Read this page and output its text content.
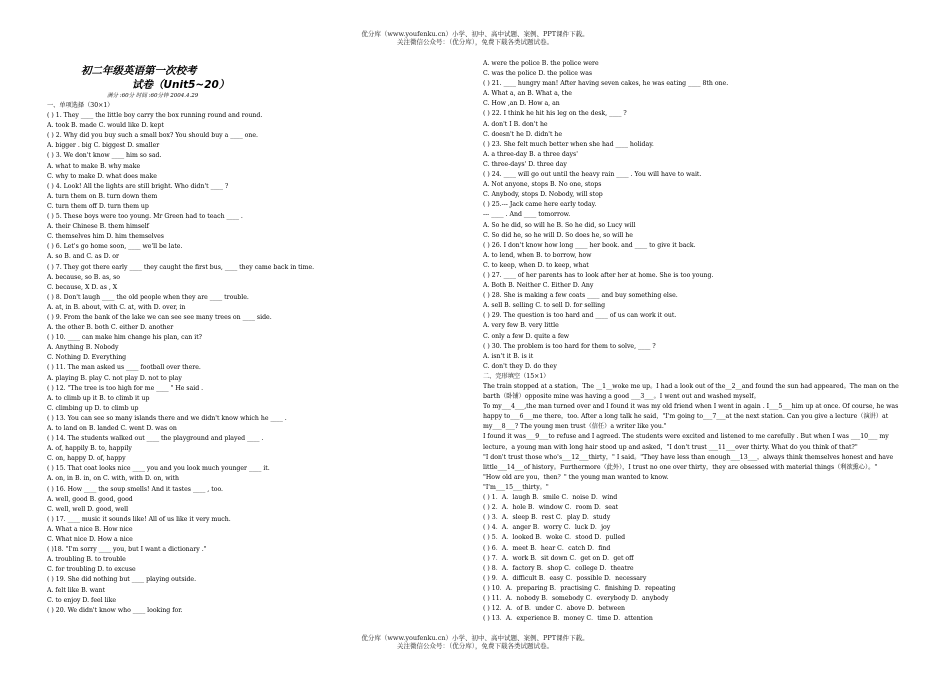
优分库（www.youfenku.cn）小学、初中、高中试题、案例、PPT课件下载。
关注微信公众号：（优分库），免费下载各类试题试卷。
初二年级英语第一次校考
试卷（Unit5~20）
满分 :60分 时间 :60分钟 2004.4.29
一、单项选择（30×1）
( ) 1. They ____ the little boy carry the box running round and round.
A. took B. made C. would like D. kept
( ) 2. Why did you buy such a small box? You should buy a ____ one.
A. bigger . big C. biggest D. smaller
( ) 3. We don't know ____ him so sad.
A. what to make B. why make
C. why to make D. what does make
( ) 4. Look! All the lights are still bright. Who didn't ____ ?
A. turn them on B. turn down them
C. turn them off D. turn them up
( ) 5. These boys were too young. Mr Green had to teach ____ .
A. their Chinese B. them himself
C. themselves him D. him themselves
( ) 6. Let's go home soon, ____ we'll be late.
A. so B. and C. as D. or
( ) 7. They got there early ____ they caught the first bus, ____ they came back in time.
A. because, so B. as, so
C. because, X D. as , X
( ) 8. Don't laugh ____ the old people when they are ____ trouble.
A. at, in B. about, with C. at, with D. over, in
( ) 9. From the bank of the lake we can see see many trees on ____ side.
A. the other B. both C. either D. another
( ) 10. ____ can make him change his plan, can it?
A. Anything B. Nobody
C. Nothing D. Everything
( ) 11. The man asked us ____ football over there.
A. playing B. play C. not play D. not to play
( ) 12. "The tree is too high for me ____ " He said .
A. to climb up it B. to climb it up
C. climbing up D. to climb up
( ) 13. You can see so many islands there and we didn't know which he ____ .
A. to land on B. landed C. went D. was on
( ) 14. The students walked out ____ the playground and played ____ .
A. of, happily B. to, happily
C. on, happy D. of, happy
( ) 15. That coat looks nice ____ you and you look much younger ____ it.
A. on, in B. in, on C. with, with D. on, with
( ) 16. How ____ the soup smells! And it tastes ____ , too.
A. well, good B. good, good
C. well, well D. good, well
( ) 17. ____ music it sounds like! All of us like it very much.
A. What a nice B. How nice
C. What nice D. How a nice
( )18. "I'm sorry ____ you, but I want a dictionary ."
A. troubling B. to trouble
C. for troubling D. to excuse
( ) 19. She did nothing but ____ playing outside.
A. felt like B. want
C. to enjoy D. feel like
( ) 20. We didn't know who ____ looking for.
A. were the police B. the police were
C. was the police D. the police was
( ) 21. ____ hungry man! After having seven cakes, he was eating ____ 8th one.
A. What a, an B. What a, the
C. How ,an D. How a, an
( ) 22. I think he hit his leg on the desk, ____ ?
A. don't I B. don't he
C. doesn't he D. didn't he
( ) 23. She felt much better when she had ____ holiday.
A. a three-day B. a three days'
C. three-days' D. three day
( ) 24. ____ will go out until the heavy rain ____ . You will have to wait.
A. Not anyone, stops B. No one, stops
C. Anybody, stops D. Nobody, will stop
( ) 25.--- Jack came here early today.
--- ____ . And ____ tomorrow.
A. So he did, so will he B. So he did, so Lucy will
C. So did he, so he will D. So does he, so will he
( ) 26. I don't know how long ____ her book. and ____ to give it back.
A. to lend, when B. to borrow, how
C. to keep, when D. to keep, what
( ) 27. ____ of her parents has to look after her at home. She is too young.
A. Both B. Neither C. Either D. Any
( ) 28. She is making a few coats ____ and buy something else.
A. sell B. selling C. to sell D. for selling
( ) 29. The question is too hard and ____ of us can work it out.
A. very few B. very little
C. only a few D. quite a few
( ) 30. The problem is too hard for them to solve, ____ ?
A. isn't it B. is it
C. don't they D. do they
二、完形填空（15×1）
The train stopped at a station。The __1__woke me up。I had a look out of the__2__and found the sun had appeared。The man on the barth（卧铺）opposite mine was having a good ___3___。I went out and washed myself。
To my___4___,the man turned over and I found it was my old friend when I went in again . I___5___him up at once. Of course, he was happy to___6___me there，too. After a long talk he said，"I'm going to___7___at the next station. Can you give a lecture（演讲）at my___8___? The young men trust（信任）a writer like you."
I found it was___9___to refuse and I agreed. The students were excited and listened to me carefully . But when I was ___10___ my lecture，a young man with long hair stood up and asked，"I don't trust ___11___over thirty. What do you think of that?"
"I don't trust those who's___12___thirty，" I said。"They have less than enough___13___，always think themselves honest and have little___14___of history。Furthermore（此外），I trust no one over thirty，they are obsessed with material things（利欲熏心）。"
"How old are you，then？" the young man wanted to know.
"I'm___15___thirty。"
( ) 1．A．laugh B．smile C．noise D．wind
( ) 2．A．hole B．window C．room D．seat
( ) 3．A．sleep B．rest C．play D．study
( ) 4．A．anger B．worry C．luck D．joy
( ) 5．A．looked B．woke C．stood D．pulled
( ) 6．A．meet B．hear C．catch D．find
( ) 7．A．work B．sit down C．get on D．get off
( ) 8．A．factory B．shop C．college D．theatre
( ) 9．A．difficult B．easy C．possible D．necessary
( ) 10．A．preparing B．practising C．finishing D．repeating
( ) 11．A．nobody B．somebody C．everybody D．anybody
( ) 12．A．of B．under C．above D．between
( ) 13．A．experience B．money C．time D．attention
优分库（www.youfenku.cn）小学、初中、高中试题、案例、PPT课件下载。
关注微信公众号：（优分库），免费下载各类试题试卷。
